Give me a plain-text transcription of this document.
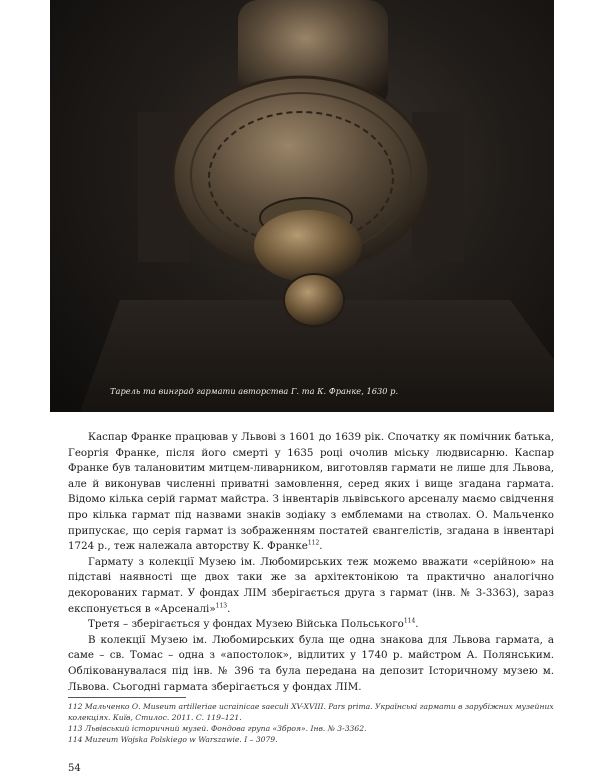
Тарель та винград гармати авторства Г. та К. Франке, 1630 р.

Каспар Франке працював у Львові з 1601 до 1639 рік. Спочатку як помічник батька, Георгія Франке, після його смерті у 1635 році очолив міську людвисарню. Каспар Франке був талановитим митцем-ливарником, виготовляв гармати не лише для Львова, але й виконував численні приватні замовлення, серед яких і вище згадана гармата. Відомо кілька серій гармат майстра. З інвентарів львівського арсеналу маємо свідчення про кілька гармат під назвами знаків зодіаку з емблемами на стволах. О. Мальченко припускає, що серія гармат із зображенням постатей євангелістів, згадана в інвентарі 1724 р., теж належала авторству К. Франке$^{112}$.

Гармату з колекції Музею ім. Любомирських теж можемо вважати «серійною» на підставі наявності ще двох таки же за архітектонікою та практично аналогічно декорованих гармат. У фондах ЛІМ зберігається друга з гармат (інв. № 3-3363), зараз експонується в «Арсеналі»$^{113}$.

Третя – зберігається у фондах Музею Війська Польського$^{114}$.

В колекції Музею ім. Любомирських була ще одна знакова для Львова гармата, а саме – св. Томас – одна з «апостолок», відлитих у 1740 р. майстром А. Полянським. Облікованувалася під інв. № 396 та була передана на депозит Історичному музею м. Львова. Сьогодні гармата зберігається у фондах ЛІМ.

112 Мальченко О. Museum artilleriae ucrainicae saeculi XV-XVIII. Pars prima. Українські гармати в зарубіжних музейних колекціях. Київ, Стилос. 2011. С. 119–121.

113 Львівський історичний музей. Фондова група «Зброя». Інв. № 3-3362.

114 Muzeum Wojska Polskiego w Warszawie. I – 3079.

54
